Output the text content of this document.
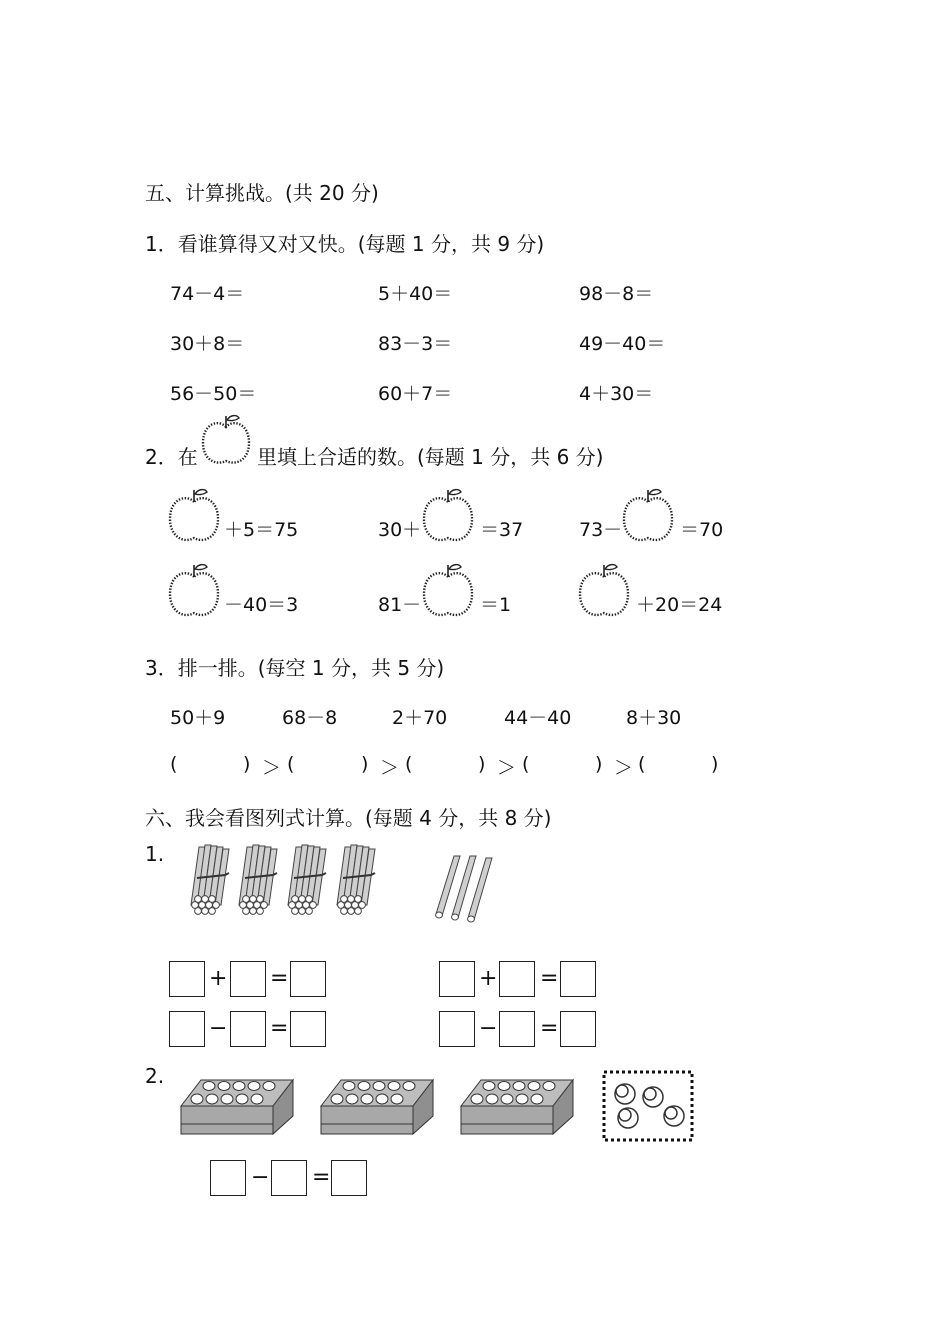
五、计算挑战。(共 20 分)
1．看谁算得又对又快。(每题 1 分，共 9 分)
74－4＝	5＋40＝	98－8＝
30＋8＝	83－3＝	49－40＝
56－50＝	60＋7＝	4＋30＝
2．在	里填上合适的数。(每题 1 分，共 6 分)
＋5＝75	30＋	＝37	73－	＝70
－40＝3	81－	＝1	＋20＝24
3．排一排。(每空 1 分，共 5 分)
50＋9	68－8	2＋70	44－40	8＋30
(	) ＞ (	) ＞ (	) ＞ (	) ＞ (	)
六、我会看图列式计算。(每题 4 分，共 8 分)
1.
+ =
− =
+ =
− =
2.
− =
